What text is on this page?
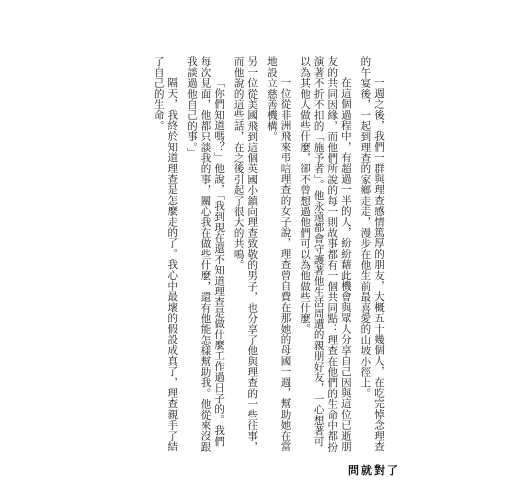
一週之後，我們一群與理查感情篤厚的朋友，大概五十幾個人，在吃完悼念理查的午宴後，一起到理查的家鄉走走，漫步在他生前最喜愛的山坡小徑上。

在這個過程中，有超過一半的人，紛紛藉此機會與眾人分享自己因與這位已逝朋友的共同因緣，而他們所說的每一則故事都有一個共同點：理查在他們的生命中都扮演著不折不扣的「施予者」。他永遠都會守護著他生活周遭的親朋好友，一心想著可以為其他人做些什麼，卻不曾想過他們可以為他做些什麼。

一位從非洲飛來弔唁理查的女子說，理查曾自費在那她的母國一週，幫助她在當地設立慈善機構。

另一位從美國飛到這個英國小鎮向理查致敬的男子，也分享了他與理查的一些往事，而他說的這些話，在之後引起了很大的共鳴。

「你們知道嗎？」他說，「我到現在還不知道理查是做什麼工作過日子的。我們每次見面，他都只談我的事，關心我在做些什麼，還有他能怎樣幫助我。他從來沒跟我談過他自己的事。」

隔天，我終於知道理查是怎麼走的了。我心中最壞的假設成真了，理查親手了結了自己的生命。

問就對了
